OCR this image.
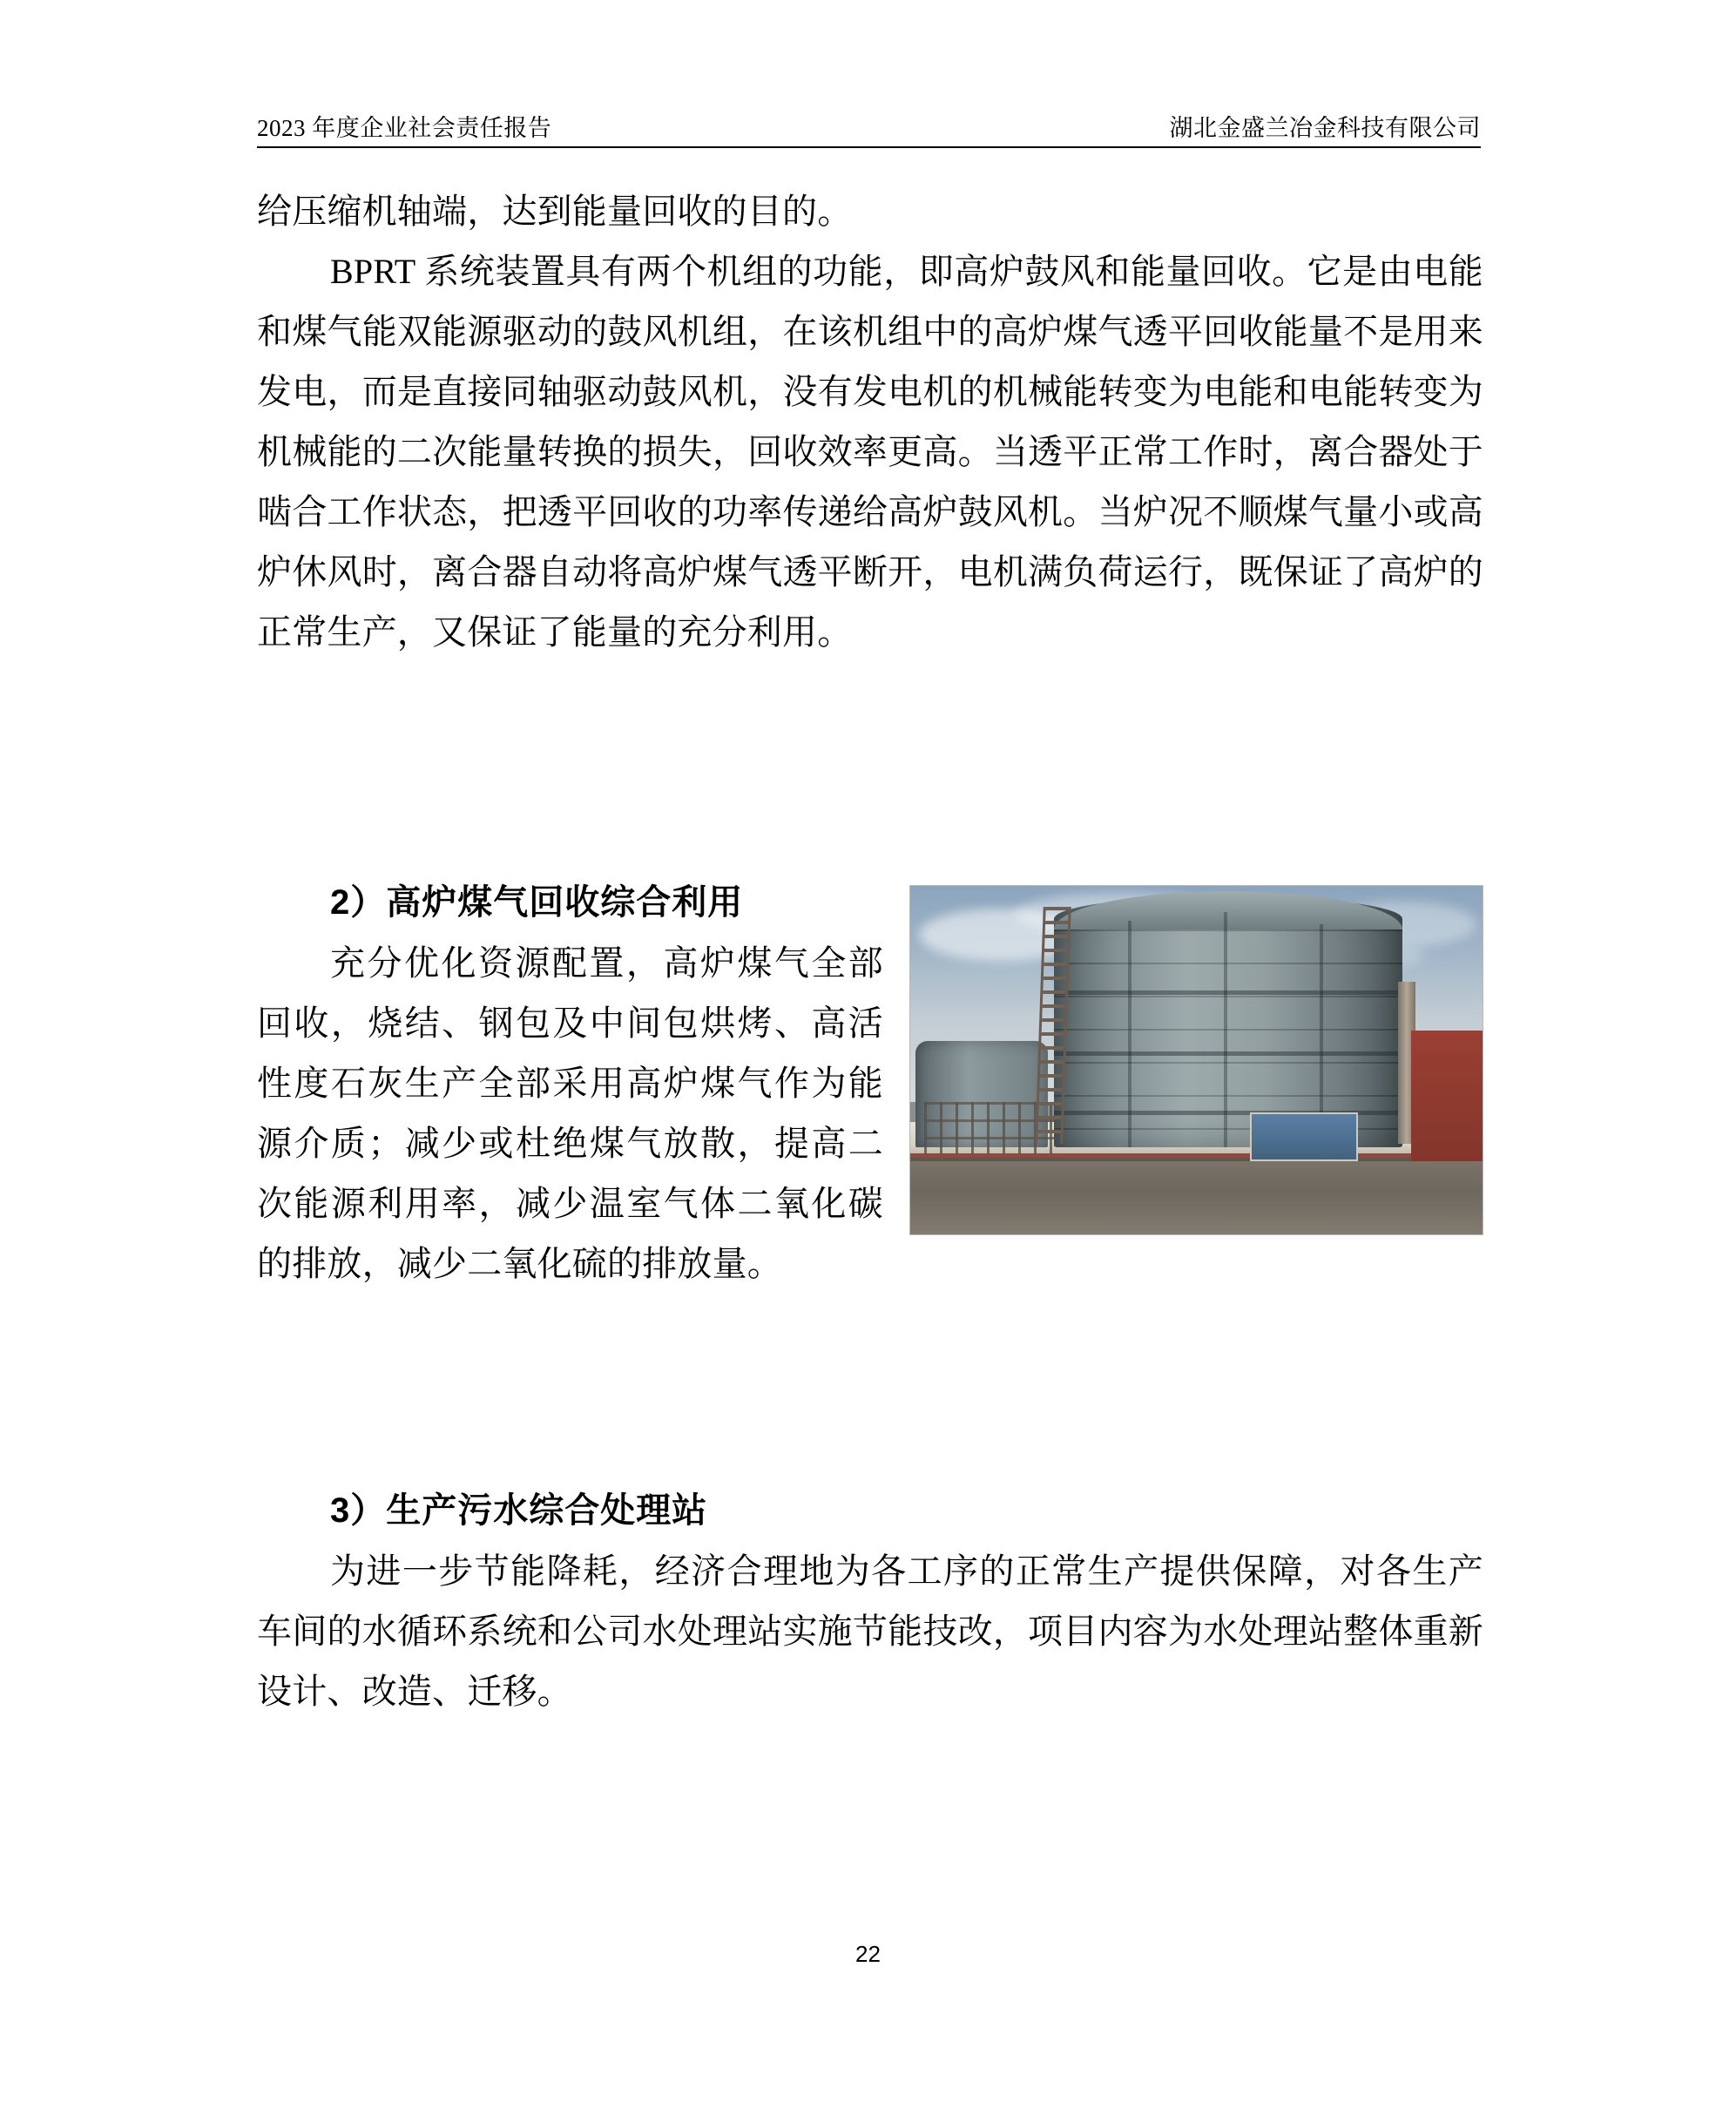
2023 年度企业社会责任报告	湖北金盛兰冶金科技有限公司

给压缩机轴端，达到能量回收的目的。

BPRT 系统装置具有两个机组的功能，即高炉鼓风和能量回收。它是由电能和煤气能双能源驱动的鼓风机组，在该机组中的高炉煤气透平回收能量不是用来发电，而是直接同轴驱动鼓风机，没有发电机的机械能转变为电能和电能转变为机械能的二次能量转换的损失，回收效率更高。当透平正常工作时，离合器处于啮合工作状态，把透平回收的功率传递给高炉鼓风机。当炉况不顺煤气量小或高炉休风时，离合器自动将高炉煤气透平断开，电机满负荷运行，既保证了高炉的正常生产，又保证了能量的充分利用。

2）高炉煤气回收综合利用

充分优化资源配置，高炉煤气全部回收，烧结、钢包及中间包烘烤、高活性度石灰生产全部采用高炉煤气作为能源介质；减少或杜绝煤气放散，提高二次能源利用率，减少温室气体二氧化碳的排放，减少二氧化硫的排放量。

3）生产污水综合处理站

为进一步节能降耗，经济合理地为各工序的正常生产提供保障，对各生产车间的水循环系统和公司水处理站实施节能技改，项目内容为水处理站整体重新设计、改造、迁移。

22
